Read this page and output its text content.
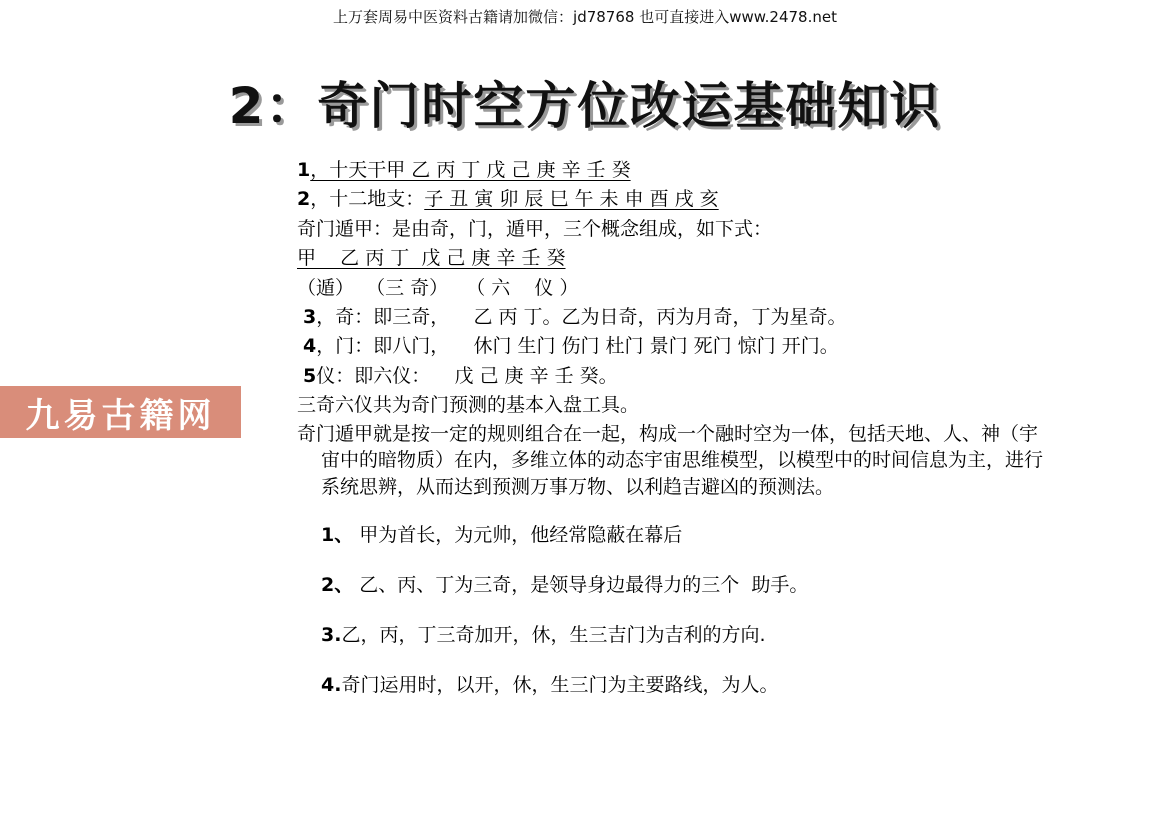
上万套周易中医资料古籍请加微信：jd78768 也可直接进入www.2478.net
2：奇门时空方位改运基础知识
九易古籍网
1，十天干甲 乙 丙 丁 戊 己 庚 辛 壬 癸
2，十二地支：子 丑 寅 卯 辰 巳 午 未 申 酉 戌 亥
奇门遁甲：是由奇，门，遁甲，三个概念组成，如下式：
甲    乙 丙 丁  戊 己 庚 辛 壬 癸
（遁）  （三 奇）   （ 六    仪 ）
3，奇：即三奇，    乙 丙 丁。乙为日奇，丙为月奇，丁为星奇。
4，门：即八门，    休门 生门 伤门 杜门 景门 死门 惊门 开门。
5仪：即六仪：    戊 己 庚 辛 壬 癸。
三奇六仪共为奇门预测的基本入盘工具。
奇门遁甲就是按一定的规则组合在一起，构成一个融时空为一体，包括天地、人、神（宇宙中的暗物质）在内，多维立体的动态宇宙思维模型，以模型中的时间信息为主，进行系统思辨，从而达到预测万事万物、以利趋吉避凶的预测法。
1、 甲为首长，为元帅，他经常隐蔽在幕后
2、 乙、丙、丁为三奇，是领导身边最得力的三个  助手。
3.乙，丙，丁三奇加开，休，生三吉门为吉利的方向.
4.奇门运用时，以开，休，生三门为主要路线，为人。
